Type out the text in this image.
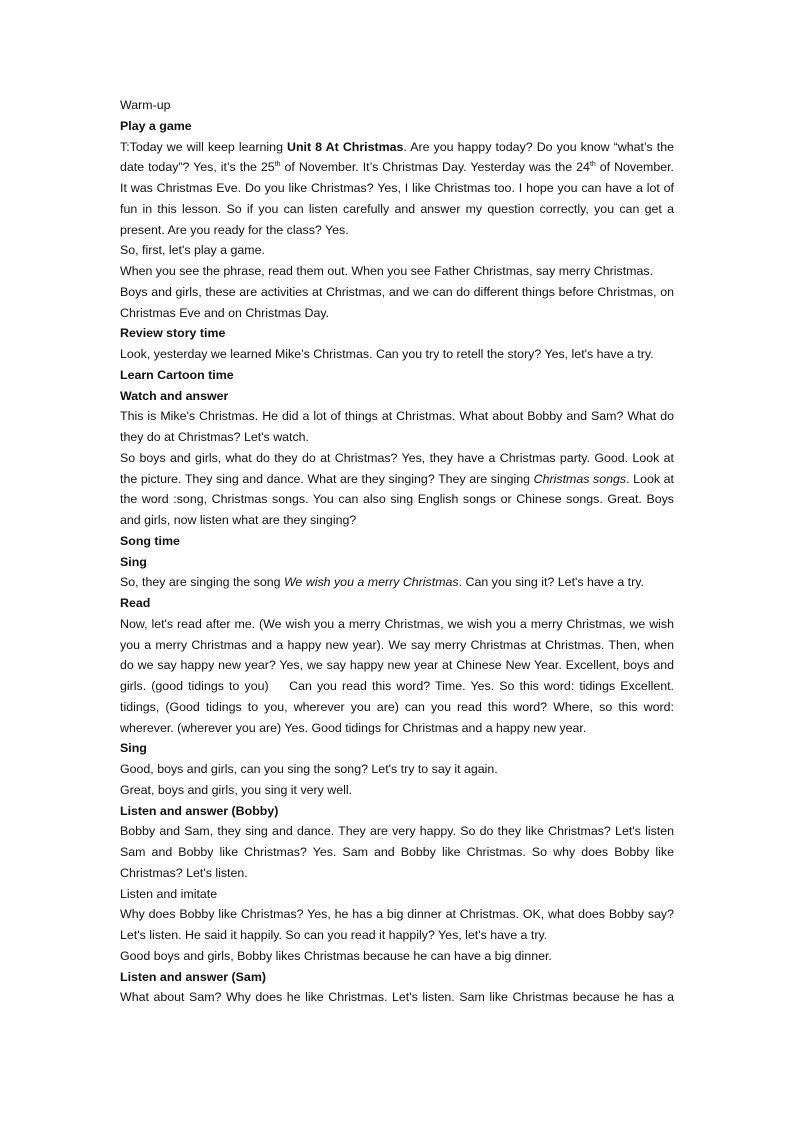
Warm-up

Play a game

T:Today we will keep learning Unit 8 At Christmas. Are you happy today? Do you know “what’s the date today”? Yes, it’s the 25th of November. It’s Christmas Day. Yesterday was the 24th of November. It was Christmas Eve. Do you like Christmas? Yes, I like Christmas too. I hope you can have a lot of fun in this lesson. So if you can listen carefully and answer my question correctly, you can get a present. Are you ready for the class? Yes.

So, first, let's play a game.

When you see the phrase, read them out. When you see Father Christmas, say merry Christmas.

Boys and girls, these are activities at Christmas, and we can do different things before Christmas, on Christmas Eve and on Christmas Day.

Review story time

Look, yesterday we learned Mike’s Christmas. Can you try to retell the story? Yes, let's have a try.

Learn Cartoon time

Watch and answer

This is Mike's Christmas. He did a lot of things at Christmas. What about Bobby and Sam? What do they do at Christmas? Let's watch.

So boys and girls, what do they do at Christmas? Yes, they have a Christmas party. Good. Look at the picture. They sing and dance. What are they singing? They are singing Christmas songs. Look at the word :song, Christmas songs. You can also sing English songs or Chinese songs. Great. Boys and girls, now listen what are they singing?

Song time

Sing

So, they are singing the song We wish you a merry Christmas. Can you sing it? Let's have a try.

Read

Now, let's read after me. (We wish you a merry Christmas, we wish you a merry Christmas, we wish you a merry Christmas and a happy new year). We say merry Christmas at Christmas. Then, when do we say happy new year? Yes, we say happy new year at Chinese New Year. Excellent, boys and girls. (good tidings to you)    Can you read this word? Time. Yes. So this word: tidings Excellent. tidings, (Good tidings to you, wherever you are) can you read this word? Where, so this word: wherever. (wherever you are) Yes. Good tidings for Christmas and a happy new year.

Sing

Good, boys and girls, can you sing the song? Let's try to say it again.

Great, boys and girls, you sing it very well.

Listen and answer (Bobby)

Bobby and Sam, they sing and dance. They are very happy. So do they like Christmas? Let's listen Sam and Bobby like Christmas? Yes. Sam and Bobby like Christmas. So why does Bobby like Christmas? Let's listen.

Listen and imitate

Why does Bobby like Christmas? Yes, he has a big dinner at Christmas. OK, what does Bobby say? Let's listen. He said it happily. So can you read it happily? Yes, let's have a try.

Good boys and girls, Bobby likes Christmas because he can have a big dinner.

Listen and answer (Sam)

What about Sam? Why does he like Christmas. Let's listen. Sam like Christmas because he has a
